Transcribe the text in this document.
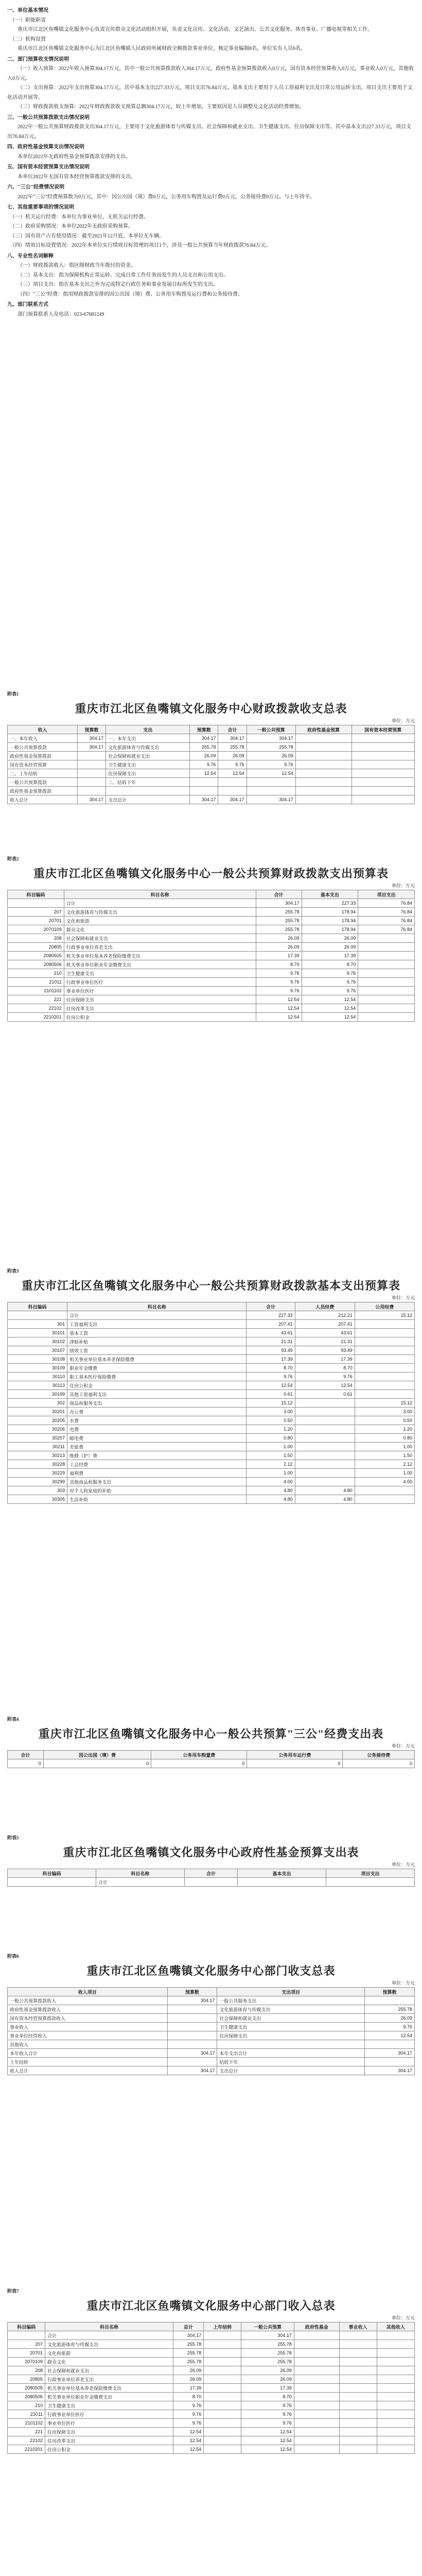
一、单位基本情况

（一）职能职责

重庆市江北区鱼嘴镇文化服务中心负责宣传群众文化活动组织开展，负责文化宣传、文化活动、文艺演出、公共文化服务、体育事业、广播电视等相关工作。

（二）机构设置

重庆市江北区鱼嘴镇文化服务中心为江北区鱼嘴镇人民政府所属财政全额拨款事业单位，核定事业编制8名，单位实有人员6名。

二、部门预算收支情况说明

（一）收入预算：2022年收入预算304.17万元，其中一般公共预算拨款收入304.17万元，政府性基金预算拨款收入0万元，国有资本经营预算收入0万元，事业收入0万元，其他收入0万元。

（二）支出预算：2022年支出预算304.17万元，其中基本支出227.33万元，项目支出76.84万元。基本支出主要用于人员工资福利支出及日常公用运转支出，项目支出主要用于文化活动开展等。

（三）财政拨款收支预算：2022年财政拨款收支预算总额304.17万元，较上年增加，主要原因是人员调整及文化活动经费增加。

三、一般公共预算拨款支出情况说明

2022年一般公共预算财政拨款支出304.17万元，主要用于文化旅游体育与传媒支出、社会保障和就业支出、卫生健康支出、住房保障支出等。其中基本支出227.33万元，项目支出76.84万元。

四、政府性基金预算支出情况说明

本单位2022年无政府性基金预算拨款安排的支出。

五、国有资本经营预算支出情况说明

本单位2022年无国有资本经营预算拨款安排的支出。

六、"三公"经费情况说明

2022年"三公"经费预算数为0万元，其中：因公出国（境）费0万元，公务用车购置及运行费0万元，公务接待费0万元。与上年持平。

七、其他重要事项的情况说明

（一）机关运行经费：本单位为事业单位，无机关运行经费。

（二）政府采购情况：本单位2022年无政府采购预算。

（三）国有资产占有使用情况：截至2021年12月底，本单位无车辆。

（四）绩效目标设置情况：2022年本单位实行绩效目标管理的项目1个，涉及一般公共预算当年财政拨款76.84万元。

八、专业性名词解释

（一）财政拨款收入：指区级财政当年拨付的资金。

（二）基本支出：指为保障机构正常运转、完成日常工作任务而发生的人员支出和公用支出。

（三）项目支出：指在基本支出之外为完成特定行政任务和事业发展目标所发生的支出。

（四）"三公"经费：指用财政拨款安排的因公出国（境）费、公务用车购置及运行费和公务接待费。

九、部门联系方式

部门预算联系人及电话：023-67681249

附表1
重庆市江北区鱼嘴镇文化服务中心财政拨款收支总表
单位：万元
收入	预算数	支出	预算数	合计	一般公共预算	政府性基金预算	国有资本经营预算
一、本年收入	304.17	一、本年支出	304.17	304.17	304.17		
一般公共预算拨款	304.17	文化旅游体育与传媒支出	255.78	255.78	255.78		
政府性基金预算拨款		社会保障和就业支出	26.09	26.09	26.09		
国有资本经营预算		卫生健康支出	9.76	9.76	9.76		
二、上年结转		住房保障支出	12.54	12.54	12.54		
一般公共预算拨款		二、结转下年					
政府性基金预算拨款							
收入总计	304.17	支出总计	304.17	304.17	304.17		
附表2
重庆市江北区鱼嘴镇文化服务中心一般公共预算财政拨款支出预算表
单位：万元
科目编码	科目名称	合计	基本支出	项目支出
	合计	304.17	227.33	76.84
207	文化旅游体育与传媒支出	255.78	178.94	76.84
20701	文化和旅游	255.78	178.94	76.84
2070109	群众文化	255.78	178.94	76.84
208	社会保障和就业支出	26.09	26.09	
20805	行政事业单位养老支出	26.09	26.09	
2080505	机关事业单位基本养老保险缴费支出	17.39	17.39	
2080506	机关事业单位职业年金缴费支出	8.70	8.70	
210	卫生健康支出	9.76	9.76	
21011	行政事业单位医疗	9.76	9.76	
2101102	事业单位医疗	9.76	9.76	
221	住房保障支出	12.54	12.54	
22102	住房改革支出	12.54	12.54	
2210201	住房公积金	12.54	12.54	
附表3
重庆市江北区鱼嘴镇文化服务中心一般公共预算财政拨款基本支出预算表
单位：万元
科目编码	科目名称	合计	人员经费	公用经费
	合计	227.33	212.21	15.12
301	工资福利支出	207.41	207.41	
30101	基本工资	43.61	43.61	
30102	津贴补贴	21.31	21.31	
30107	绩效工资	93.49	93.49	
30108	机关事业单位基本养老保险缴费	17.39	17.39	
30109	职业年金缴费	8.70	8.70	
30110	职工基本医疗保险缴费	9.76	9.76	
30113	住房公积金	12.54	12.54	
30199	其他工资福利支出	0.61	0.61	
302	商品和服务支出	15.12		15.12
30201	办公费	3.00		3.00
30205	水费	0.50		0.50
30206	电费	1.20		1.20
30207	邮电费	0.80		0.80
30211	差旅费	1.00		1.00
30213	维修（护）费	1.50		1.50
30228	工会经费	2.12		2.12
30229	福利费	1.00		1.00
30299	其他商品和服务支出	4.00		4.00
303	对个人和家庭的补助	4.80	4.80	
30305	生活补助	4.80	4.80	
附表4
重庆市江北区鱼嘴镇文化服务中心一般公共预算"三公"经费支出表
单位：万元
合计	因公出国（境）费	公务用车购置费	公务用车运行费	公务接待费
0	0	0	0	0
附表5
重庆市江北区鱼嘴镇文化服务中心政府性基金预算支出表
单位：万元
科目编码	科目名称	合计	基本支出	项目支出
	合计			
附表6
重庆市江北区鱼嘴镇文化服务中心部门收支总表
单位：万元
收入项目	预算数	支出项目	预算数
一般公共预算拨款收入	304.17	一般公共服务支出	
政府性基金预算拨款收入		文化旅游体育与传媒支出	255.78
国有资本经营预算拨款收入		社会保障和就业支出	26.09
事业收入		卫生健康支出	9.76
事业单位经营收入		住房保障支出	12.54
其他收入			
本年收入合计	304.17	本年支出合计	304.17
上年结转		结转下年	
收入总计	304.17	支出总计	304.17
附表7
重庆市江北区鱼嘴镇文化服务中心部门收入总表
单位：万元
科目编码	科目名称	总计	上年结转	一般公共预算	政府性基金	事业收入	其他收入
	合计	304.17		304.17			
207	文化旅游体育与传媒支出	255.78		255.78			
20701	文化和旅游	255.78		255.78			
2070109	群众文化	255.78		255.78			
208	社会保障和就业支出	26.09		26.09			
20805	行政事业单位养老支出	26.09		26.09			
2080505	机关事业单位基本养老保险缴费支出	17.39		17.39			
2080506	机关事业单位职业年金缴费支出	8.70		8.70			
210	卫生健康支出	9.76		9.76			
21011	行政事业单位医疗	9.76		9.76			
2101102	事业单位医疗	9.76		9.76			
221	住房保障支出	12.54		12.54			
22102	住房改革支出	12.54		12.54			
2210201	住房公积金	12.54		12.54			
